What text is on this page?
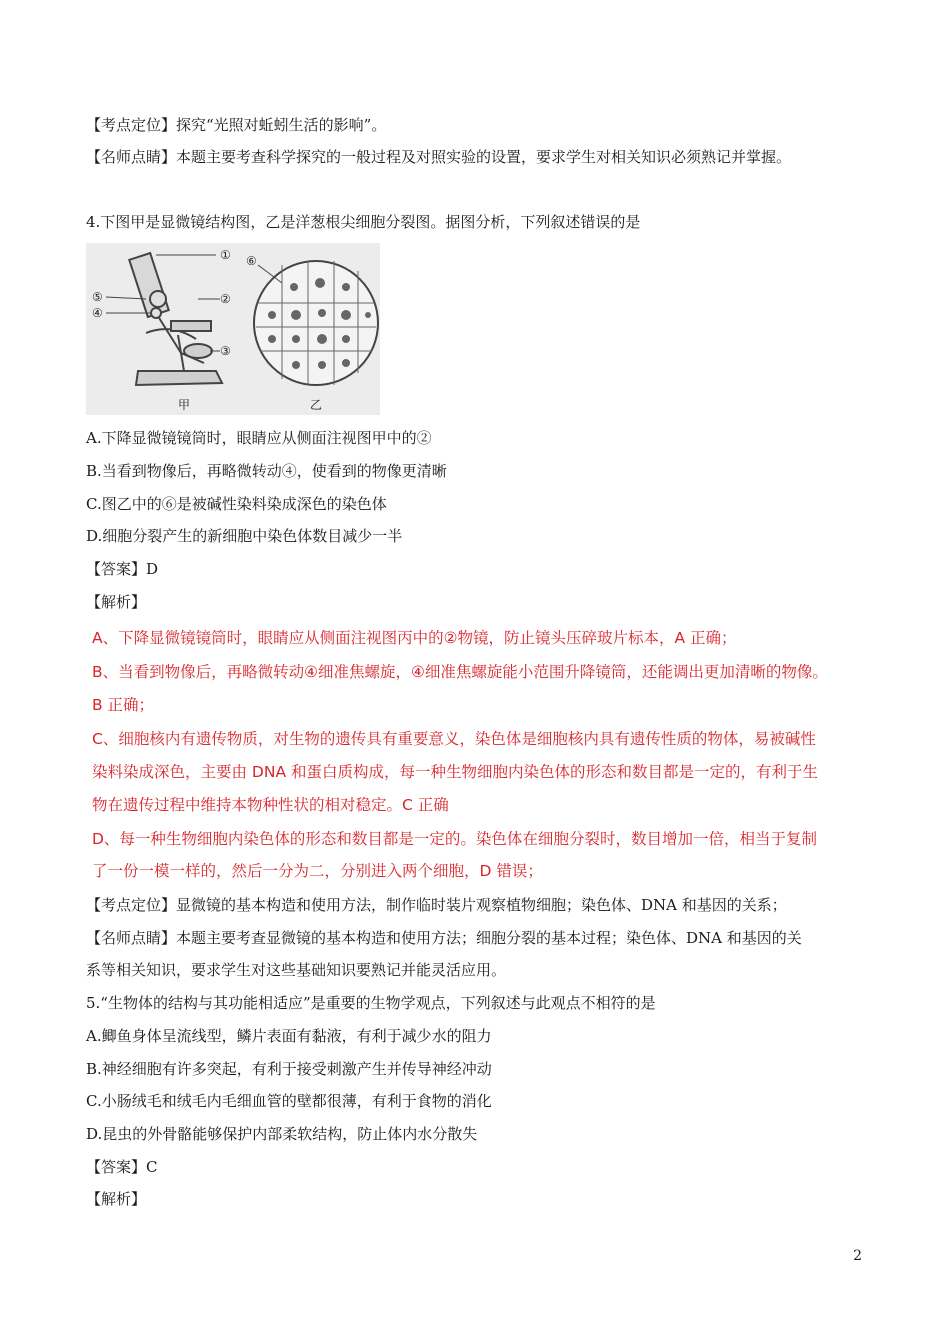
【考点定位】探究“光照对蚯蚓生活的影响”。
【名师点睛】本题主要考查科学探究的一般过程及对照实验的设置，要求学生对相关知识必须熟记并掌握。
4.下图甲是显微镜结构图，乙是洋葱根尖细胞分裂图。据图分析，下列叙述错误的是
①
②
③
④
⑤
⑥
甲	乙
A.下降显微镜镜筒时，眼睛应从侧面注视图甲中的②
B.当看到物像后，再略微转动④，使看到的物像更清晰
C.图乙中的⑥是被碱性染料染成深色的染色体
D.细胞分裂产生的新细胞中染色体数目减少一半
【答案】D
【解析】
A、下降显微镜镜筒时，眼睛应从侧面注视图丙中的②物镜，防止镜头压碎玻片标本，A 正确；
B、当看到物像后，再略微转动④细准焦螺旋，④细准焦螺旋能小范围升降镜筒，还能调出更加清晰的物像。
B 正确；
C、细胞核内有遗传物质，对生物的遗传具有重要意义，染色体是细胞核内具有遗传性质的物体，易被碱性
染料染成深色，主要由 DNA 和蛋白质构成，每一种生物细胞内染色体的形态和数目都是一定的，有利于生
物在遗传过程中维持本物种性状的相对稳定。C 正确
D、每一种生物细胞内染色体的形态和数目都是一定的。染色体在细胞分裂时，数目增加一倍，相当于复制
了一份一模一样的，然后一分为二，分别进入两个细胞，D 错误；
【考点定位】显微镜的基本构造和使用方法，制作临时装片观察植物细胞；染色体、DNA 和基因的关系；
【名师点睛】本题主要考查显微镜的基本构造和使用方法；细胞分裂的基本过程；染色体、DNA 和基因的关
系等相关知识，要求学生对这些基础知识要熟记并能灵活应用。
5.“生物体的结构与其功能相适应”是重要的生物学观点，下列叙述与此观点不相符的是
A.鲫鱼身体呈流线型，鳞片表面有黏液，有利于减少水的阻力
B.神经细胞有许多突起，有利于接受刺激产生并传导神经冲动
C.小肠绒毛和绒毛内毛细血管的壁都很薄，有利于食物的消化
D.昆虫的外骨骼能够保护内部柔软结构，防止体内水分散失
【答案】C
【解析】
2
